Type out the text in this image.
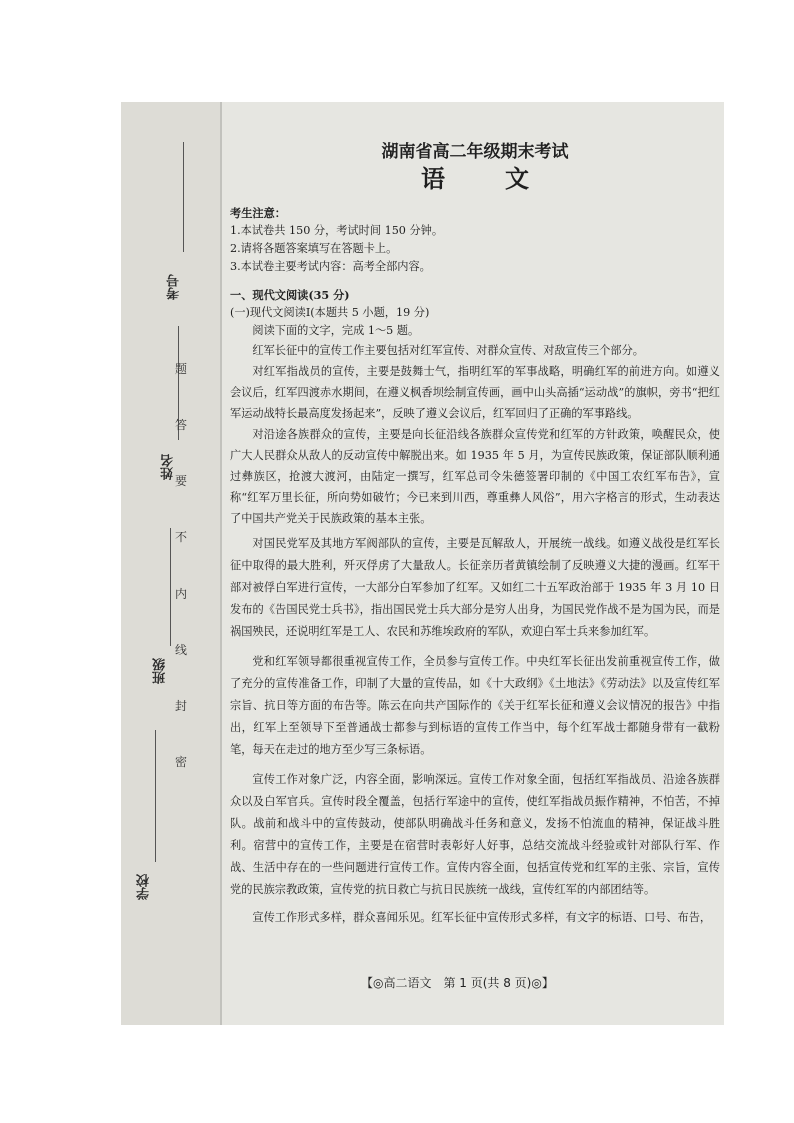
考号
姓名
班级
学校
题
答
要
不
内
线
封
密
湖南省高二年级期末考试
语文
考生注意：
1.本试卷共 150 分，考试时间 150 分钟。
2.请将各题答案填写在答题卡上。
3.本试卷主要考试内容：高考全部内容。
一、现代文阅读(35 分)
(一)现代文阅读Ⅰ(本题共 5 小题，19 分)
阅读下面的文字，完成 1～5 题。

红军长征中的宣传工作主要包括对红军宣传、对群众宣传、对敌宣传三个部分。

对红军指战员的宣传，主要是鼓舞士气，指明红军的军事战略，明确红军的前进方向。如遵义会议后，红军四渡赤水期间，在遵义枫香坝绘制宣传画，画中山头高插“运动战”的旗帜，旁书“把红军运动战特长最高度发扬起来”，反映了遵义会议后，红军回归了正确的军事路线。

对沿途各族群众的宣传，主要是向长征沿线各族群众宣传党和红军的方针政策，唤醒民众，使广大人民群众从敌人的反动宣传中解脱出来。如 1935 年 5 月，为宣传民族政策，保证部队顺利通过彝族区，抢渡大渡河，由陆定一撰写，红军总司令朱德签署印制的《中国工农红军布告》，宣称“红军万里长征，所向势如破竹；今已来到川西，尊重彝人风俗”，用六字格言的形式，生动表达了中国共产党关于民族政策的基本主张。

对国民党军及其地方军阀部队的宣传，主要是瓦解敌人，开展统一战线。如遵义战役是红军长征中取得的最大胜利，歼灭俘虏了大量敌人。长征亲历者黄镇绘制了反映遵义大捷的漫画。红军干部对被俘白军进行宣传，一大部分白军参加了红军。又如红二十五军政治部于 1935 年 3 月 10 日发布的《告国民党士兵书》，指出国民党士兵大部分是穷人出身，为国民党作战不是为国为民，而是祸国殃民，还说明红军是工人、农民和苏维埃政府的军队，欢迎白军士兵来参加红军。

党和红军领导都很重视宣传工作，全员参与宣传工作。中央红军长征出发前重视宣传工作，做了充分的宣传准备工作，印制了大量的宣传品，如《十大政纲》《土地法》《劳动法》以及宣传红军宗旨、抗日等方面的布告等。陈云在向共产国际作的《关于红军长征和遵义会议情况的报告》中指出，红军上至领导下至普通战士都参与到标语的宣传工作当中，每个红军战士都随身带有一截粉笔，每天在走过的地方至少写三条标语。

宣传工作对象广泛，内容全面，影响深远。宣传工作对象全面，包括红军指战员、沿途各族群众以及白军官兵。宣传时段全覆盖，包括行军途中的宣传，使红军指战员振作精神，不怕苦，不掉队。战前和战斗中的宣传鼓动，使部队明确战斗任务和意义，发扬不怕流血的精神，保证战斗胜利。宿营中的宣传工作，主要是在宿营时表彰好人好事，总结交流战斗经验或针对部队行军、作战、生活中存在的一些问题进行宣传工作。宣传内容全面，包括宣传党和红军的主张、宗旨，宣传党的民族宗教政策，宣传党的抗日救亡与抗日民族统一战线，宣传红军的内部团结等。

宣传工作形式多样，群众喜闻乐见。红军长征中宣传形式多样，有文字的标语、口号、布告，

【◎高二语文　第 1 页(共 8 页)◎】
